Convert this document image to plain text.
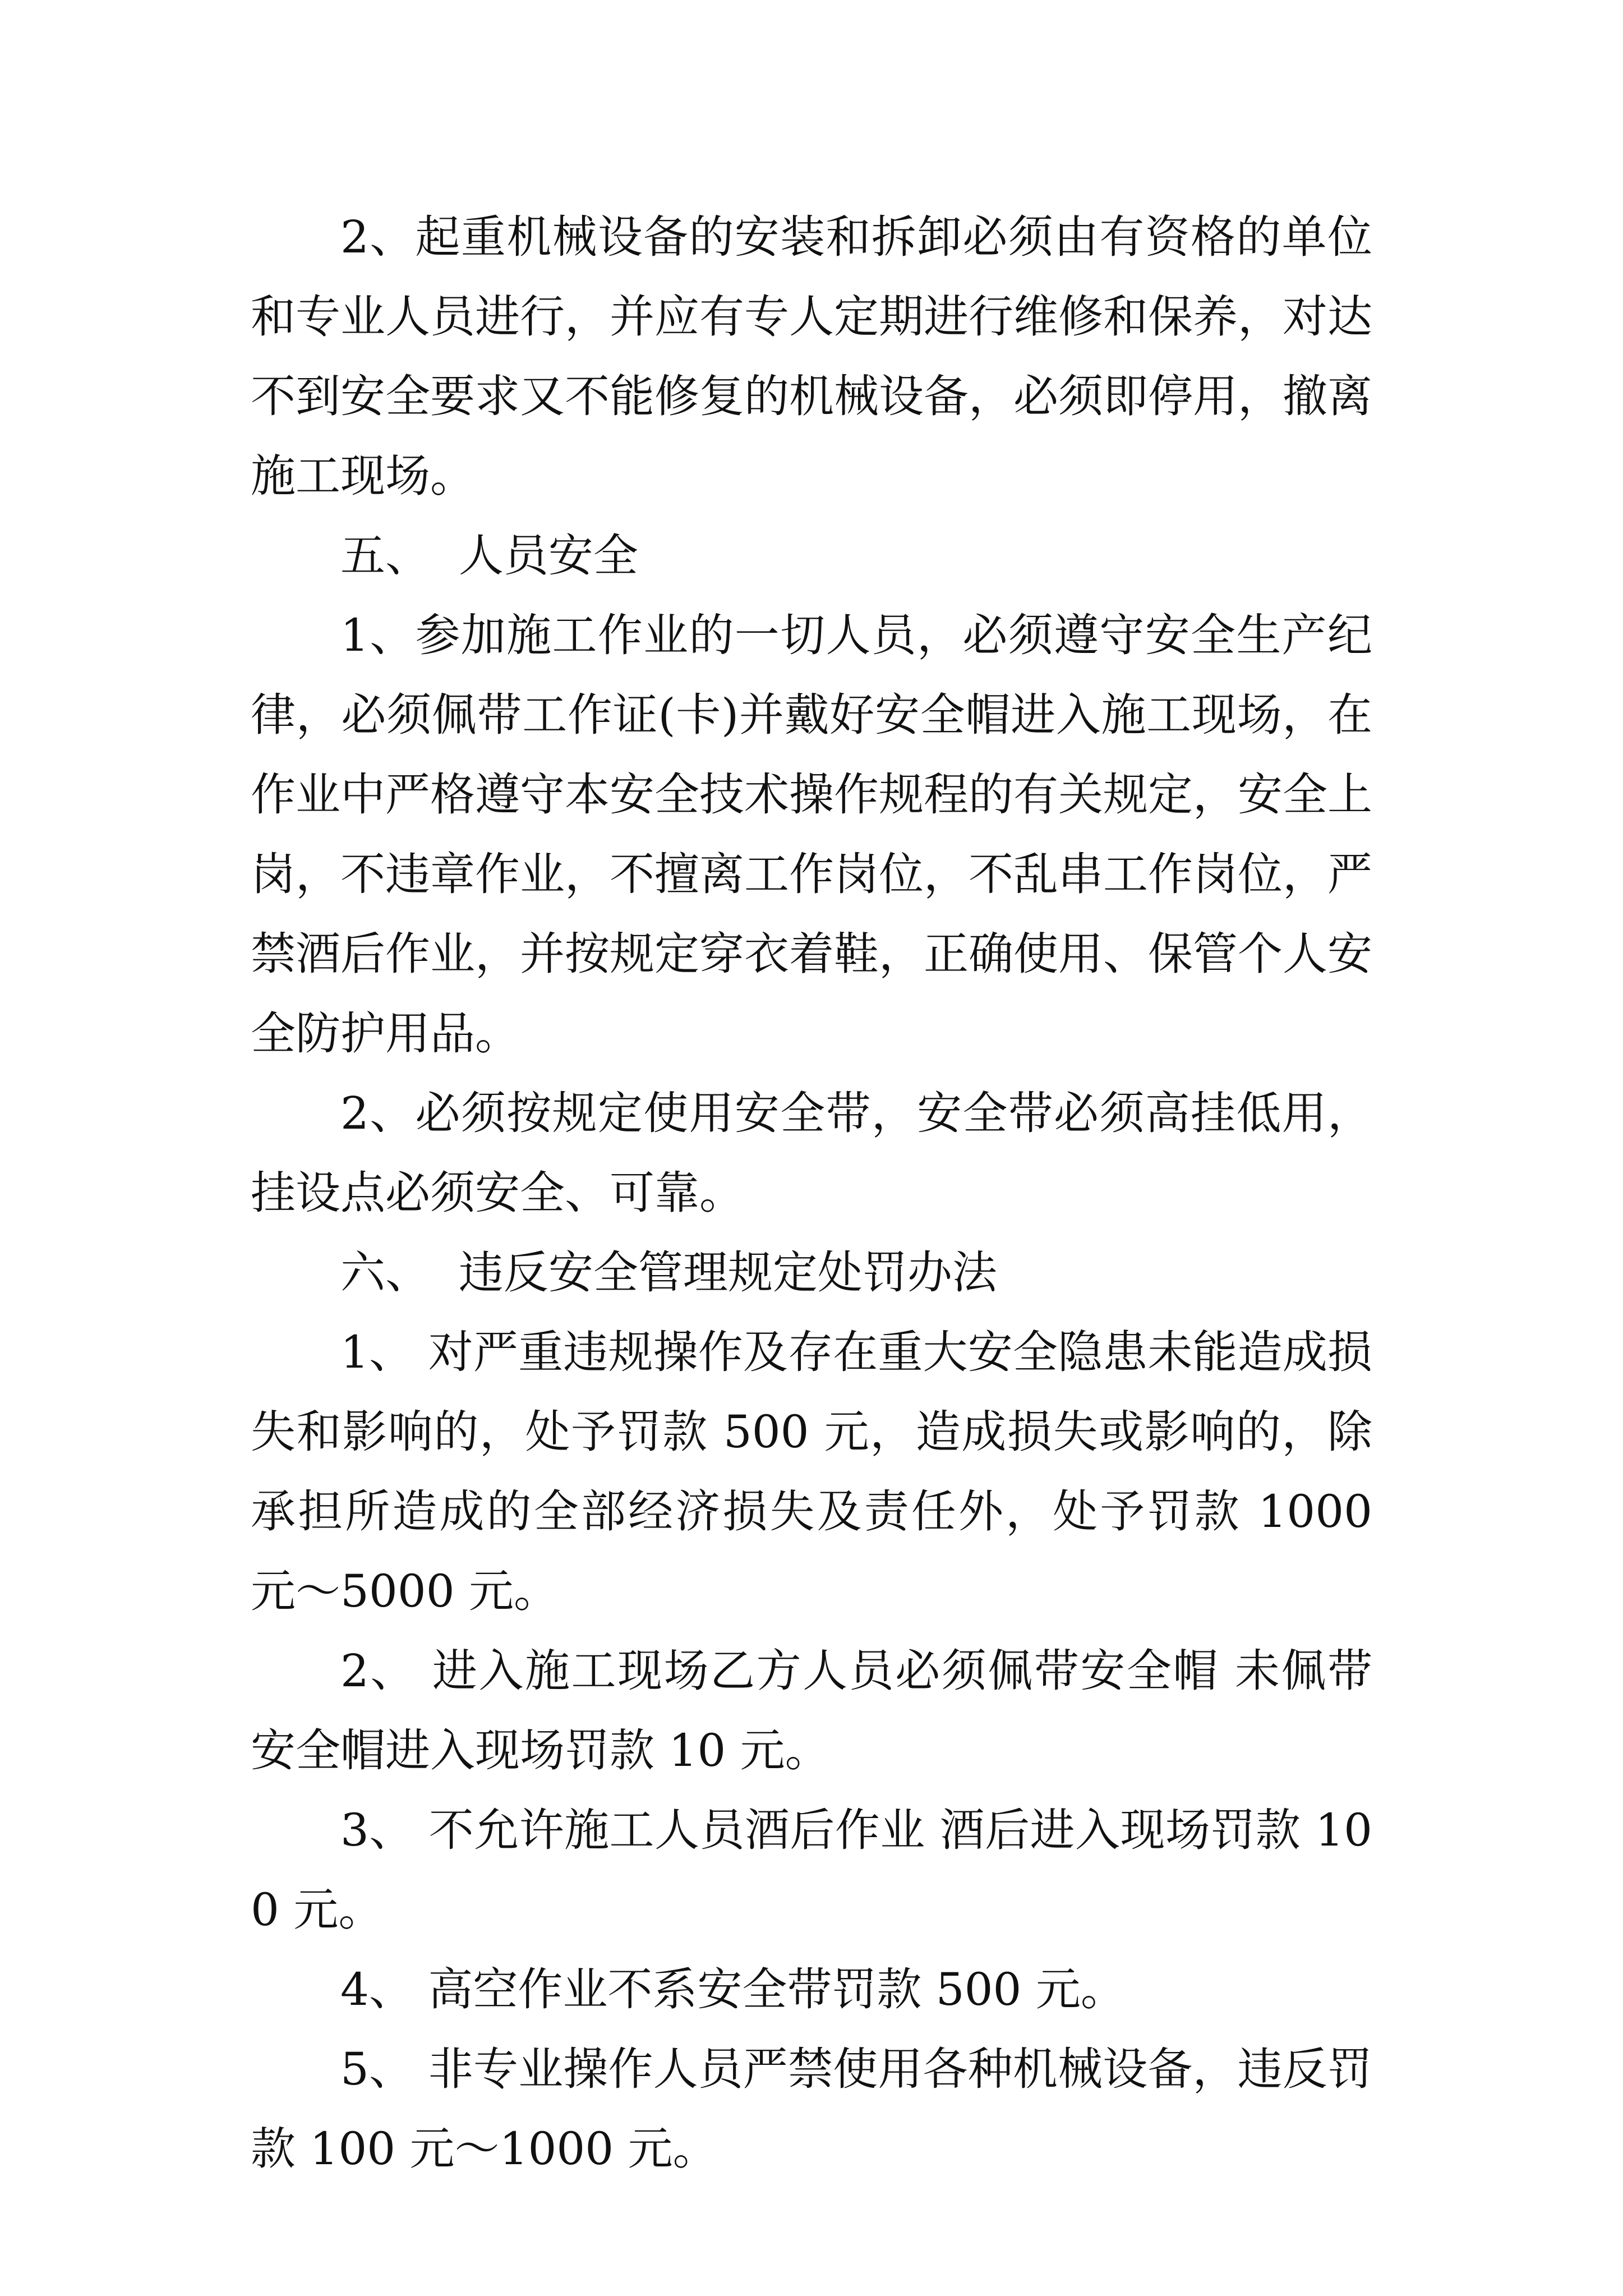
2、起重机械设备的安装和拆卸必须由有资格的单位和专业人员进行，并应有专人定期进行维修和保养，对达不到安全要求又不能修复的机械设备，必须即停用，撤离施工现场。

五、  人员安全

1、参加施工作业的一切人员，必须遵守安全生产纪律，必须佩带工作证(卡)并戴好安全帽进入施工现场，在作业中严格遵守本安全技术操作规程的有关规定，安全上岗，不违章作业，不擅离工作岗位，不乱串工作岗位，严禁酒后作业，并按规定穿衣着鞋，正确使用、保管个人安全防护用品。

2、必须按规定使用安全带，安全带必须高挂低用，挂设点必须安全、可靠。

六、  违反安全管理规定处罚办法

1、 对严重违规操作及存在重大安全隐患未能造成损失和影响的，处予罚款 500 元，造成损失或影响的，除承担所造成的全部经济损失及责任外，处予罚款 1000 元～5000 元。

2、 进入施工现场乙方人员必须佩带安全帽 未佩带安全帽进入现场罚款 10 元。

3、 不允许施工人员酒后作业 酒后进入现场罚款 100 元。

4、 高空作业不系安全带罚款 500 元。

5、 非专业操作人员严禁使用各种机械设备，违反罚款 100 元～1000 元。
